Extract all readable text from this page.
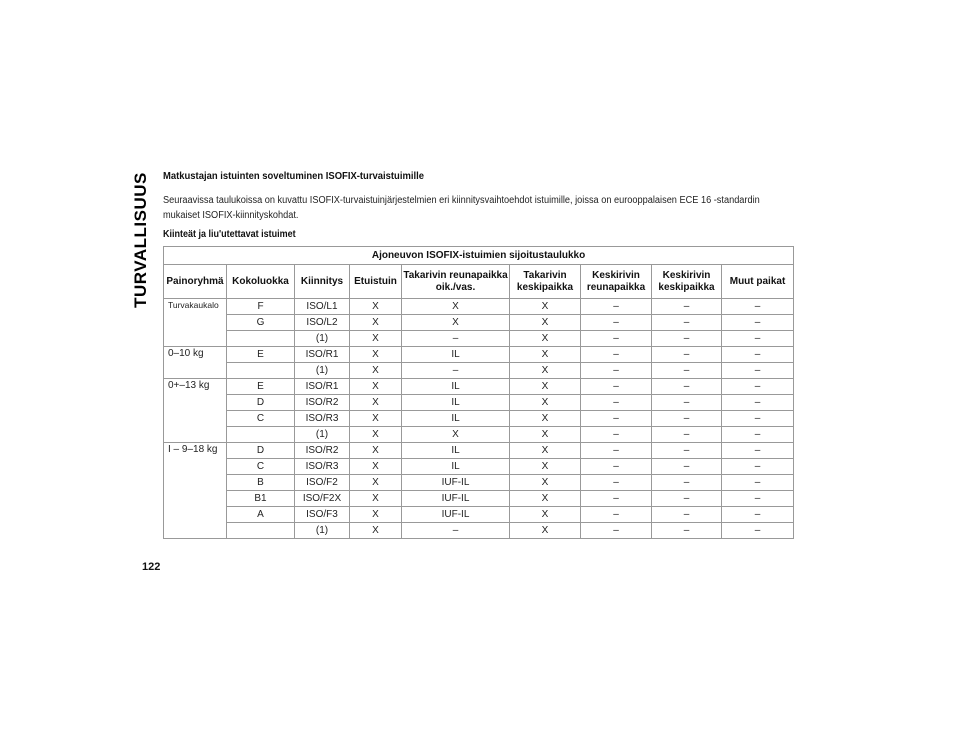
TURVALLISUUS Matkustajan istuinten soveltuminen ISOFIX-turvaistuimille
Seuraavissa taulukoissa on kuvattu ISOFIX-turvaistuinjärjestelmien eri kiinnitysvaihtoehdot istuimille, joissa on eurooppalaisen ECE 16 -standardin mukaiset ISOFIX-kiinnityskohdat.
Kiinteät ja liu'utettavat istuimet
Ajoneuvon ISOFIX-istuimien sijoitustaulukko								
Painoryhmä	Kokoluokka	Kiinnitys	Etuistuin	Takarivin reunapaikka oik./vas.	Takarivin keskipaikka	Keskirivin reunapaikka	Keskirivin keskipaikka	Muut paikat
Turvakaukalo	F	ISO/L1	X	X	X	–	–	–
	G	ISO/L2	X	X	X	–	–	–
		(1)	X	–	X	–	–	–
0–10 kg	E	ISO/R1	X	IL	X	–	–	–
		(1)	X	–	X	–	–	–
0+–13 kg	E	ISO/R1	X	IL	X	–	–	–
	D	ISO/R2	X	IL	X	–	–	–
	C	ISO/R3	X	IL	X	–	–	–
		(1)	X	X	X	–	–	–
I – 9–18 kg	D	ISO/R2	X	IL	X	–	–	–
	C	ISO/R3	X	IL	X	–	–	–
	B	ISO/F2	X	IUF-IL	X	–	–	–
	B1	ISO/F2X	X	IUF-IL	X	–	–	–
	A	ISO/F3	X	IUF-IL	X	–	–	–
		(1)	X	–	X	–	–	–
122
